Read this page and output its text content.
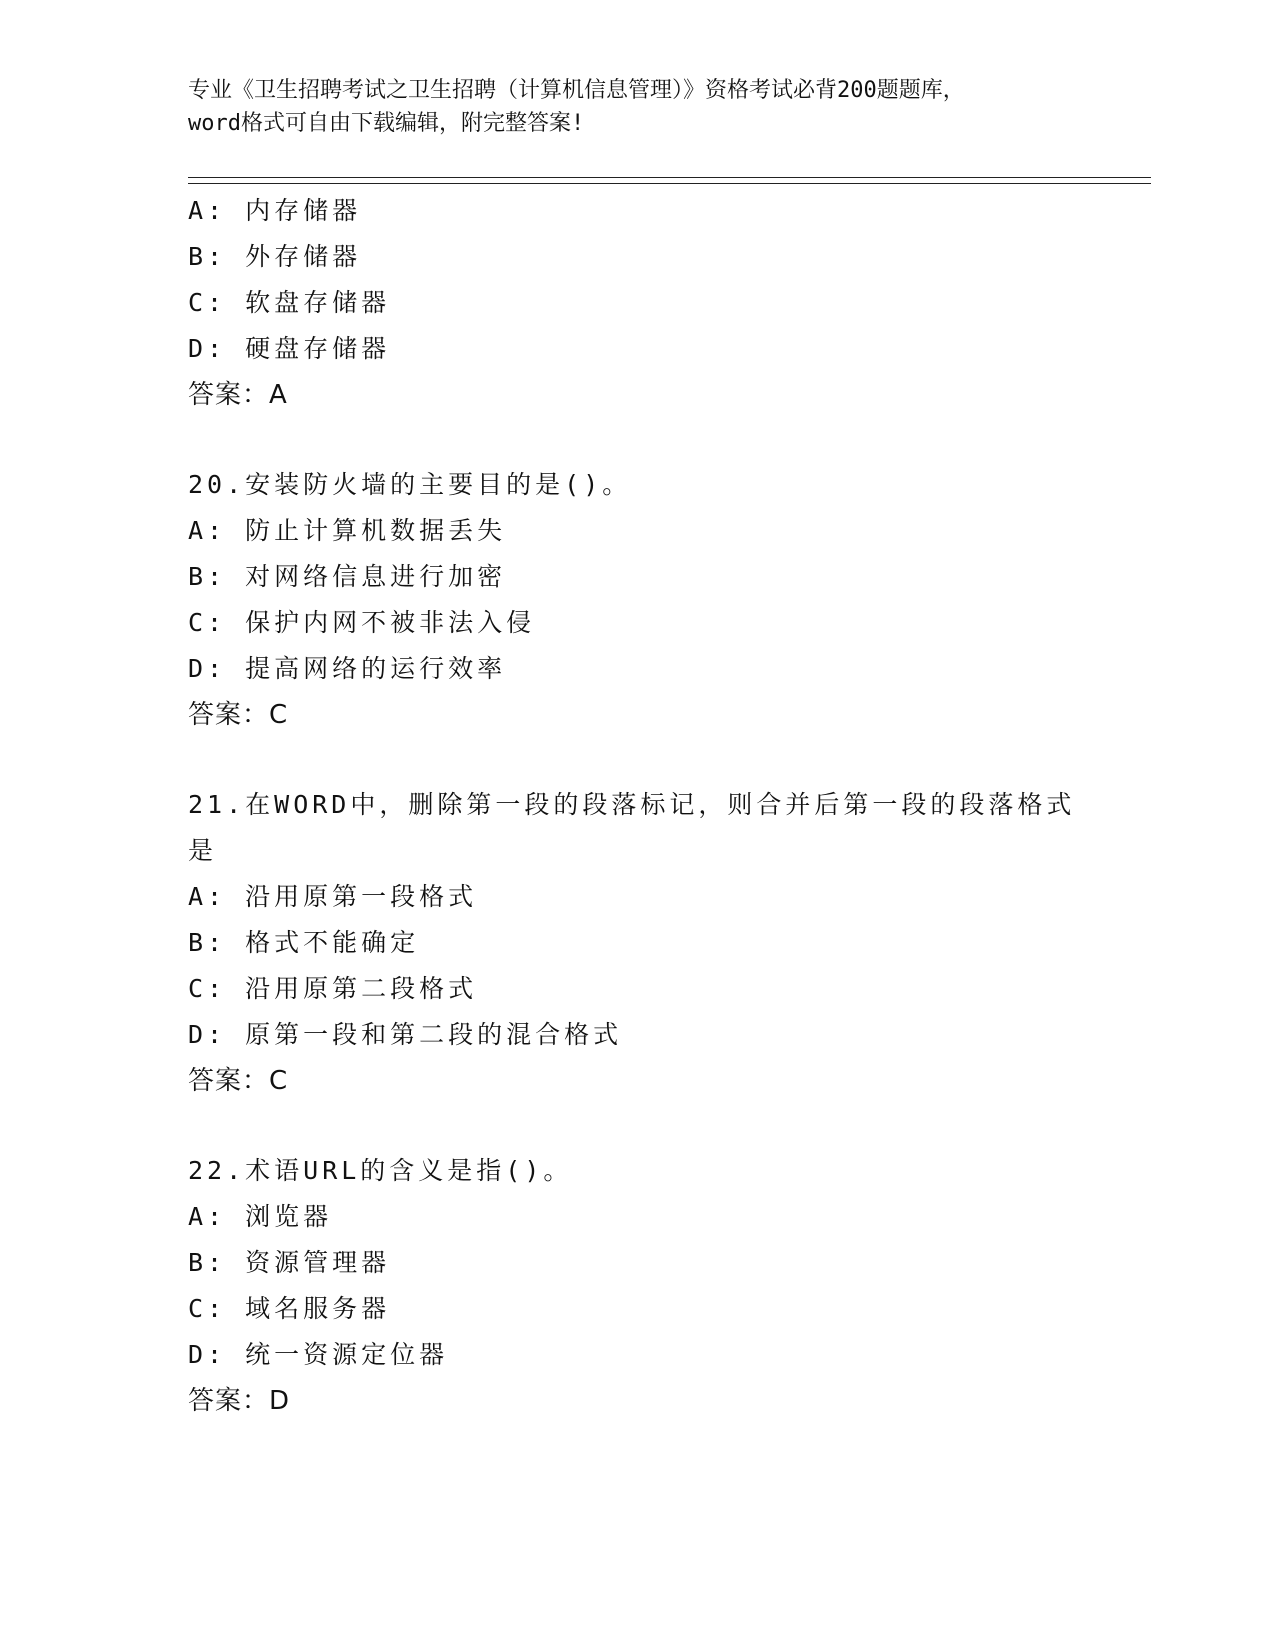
专业《卫生招聘考试之卫生招聘（计算机信息管理）》资格考试必背200题题库，
word格式可自由下载编辑，附完整答案!
A: 内存储器
B: 外存储器
C: 软盘存储器
D: 硬盘存储器
答案：A
20.安装防火墙的主要目的是()。
A: 防止计算机数据丢失
B: 对网络信息进行加密
C: 保护内网不被非法入侵
D: 提高网络的运行效率
答案：C
21.在WORD中，删除第一段的段落标记，则合并后第一段的段落格式
是
A: 沿用原第一段格式
B: 格式不能确定
C: 沿用原第二段格式
D: 原第一段和第二段的混合格式
答案：C
22.术语URL的含义是指()。
A: 浏览器
B: 资源管理器
C: 域名服务器
D: 统一资源定位器
答案：D
